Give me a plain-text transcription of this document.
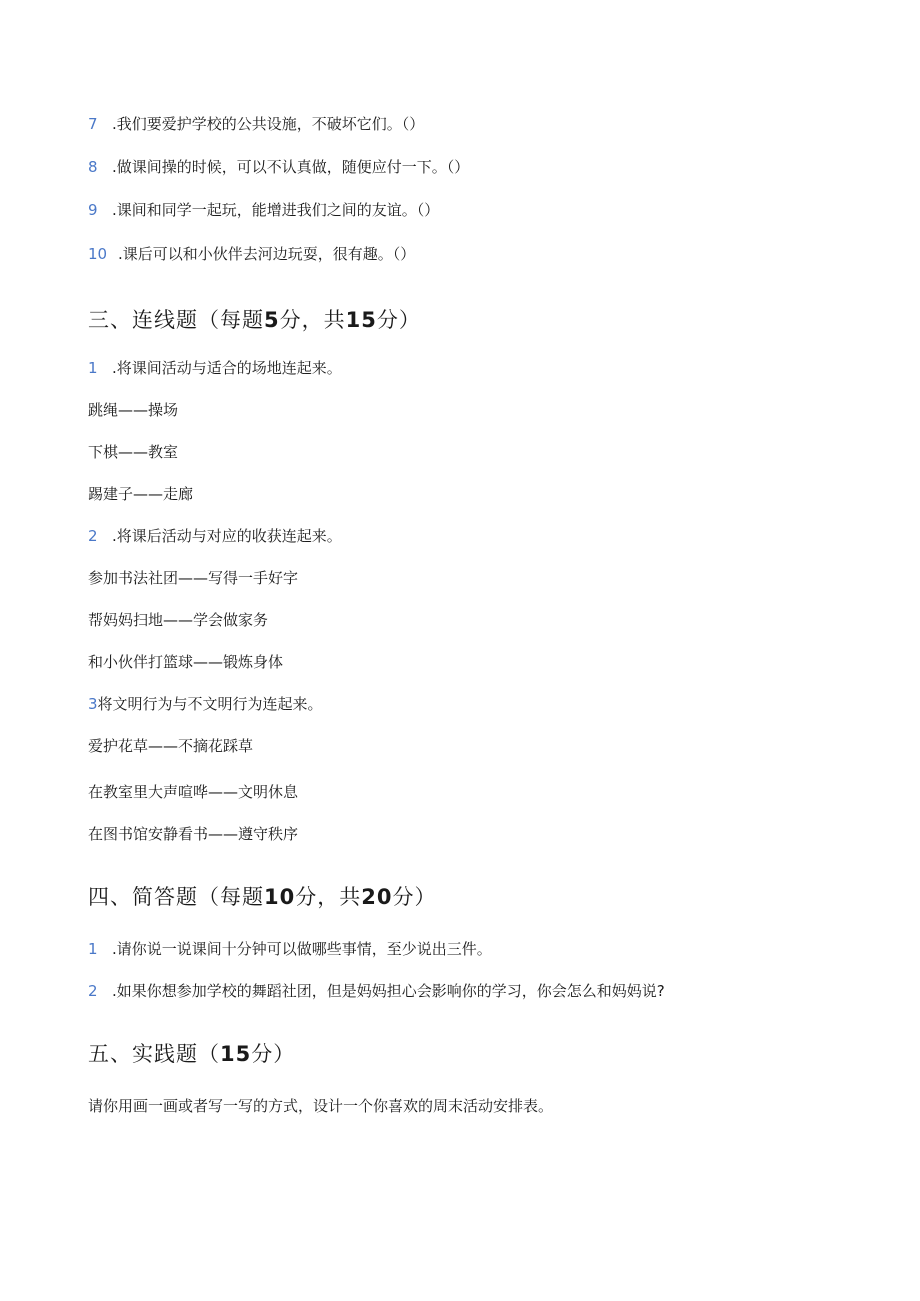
7 .我们要爱护学校的公共设施，不破坏它们。（）
8 .做课间操的时候，可以不认真做，随便应付一下。（）
9 .课间和同学一起玩，能增进我们之间的友谊。（）
10 .课后可以和小伙伴去河边玩耍，很有趣。（）
三、连线题（每题5分，共15分）
1 .将课间活动与适合的场地连起来。
跳绳——操场
下棋——教室
踢建子——走廊
2 .将课后活动与对应的收获连起来。
参加书法社团——写得一手好字
帮妈妈扫地——学会做家务
和小伙伴打篮球——锻炼身体
3将文明行为与不文明行为连起来。
爱护花草——不摘花踩草
在教室里大声喧哗——文明休息
在图书馆安静看书——遵守秩序
四、简答题（每题10分，共20分）
1 .请你说一说课间十分钟可以做哪些事情，至少说出三件。
2 .如果你想参加学校的舞蹈社团，但是妈妈担心会影响你的学习，你会怎么和妈妈说?
五、实践题（15分）
请你用画一画或者写一写的方式，设计一个你喜欢的周末活动安排表。
